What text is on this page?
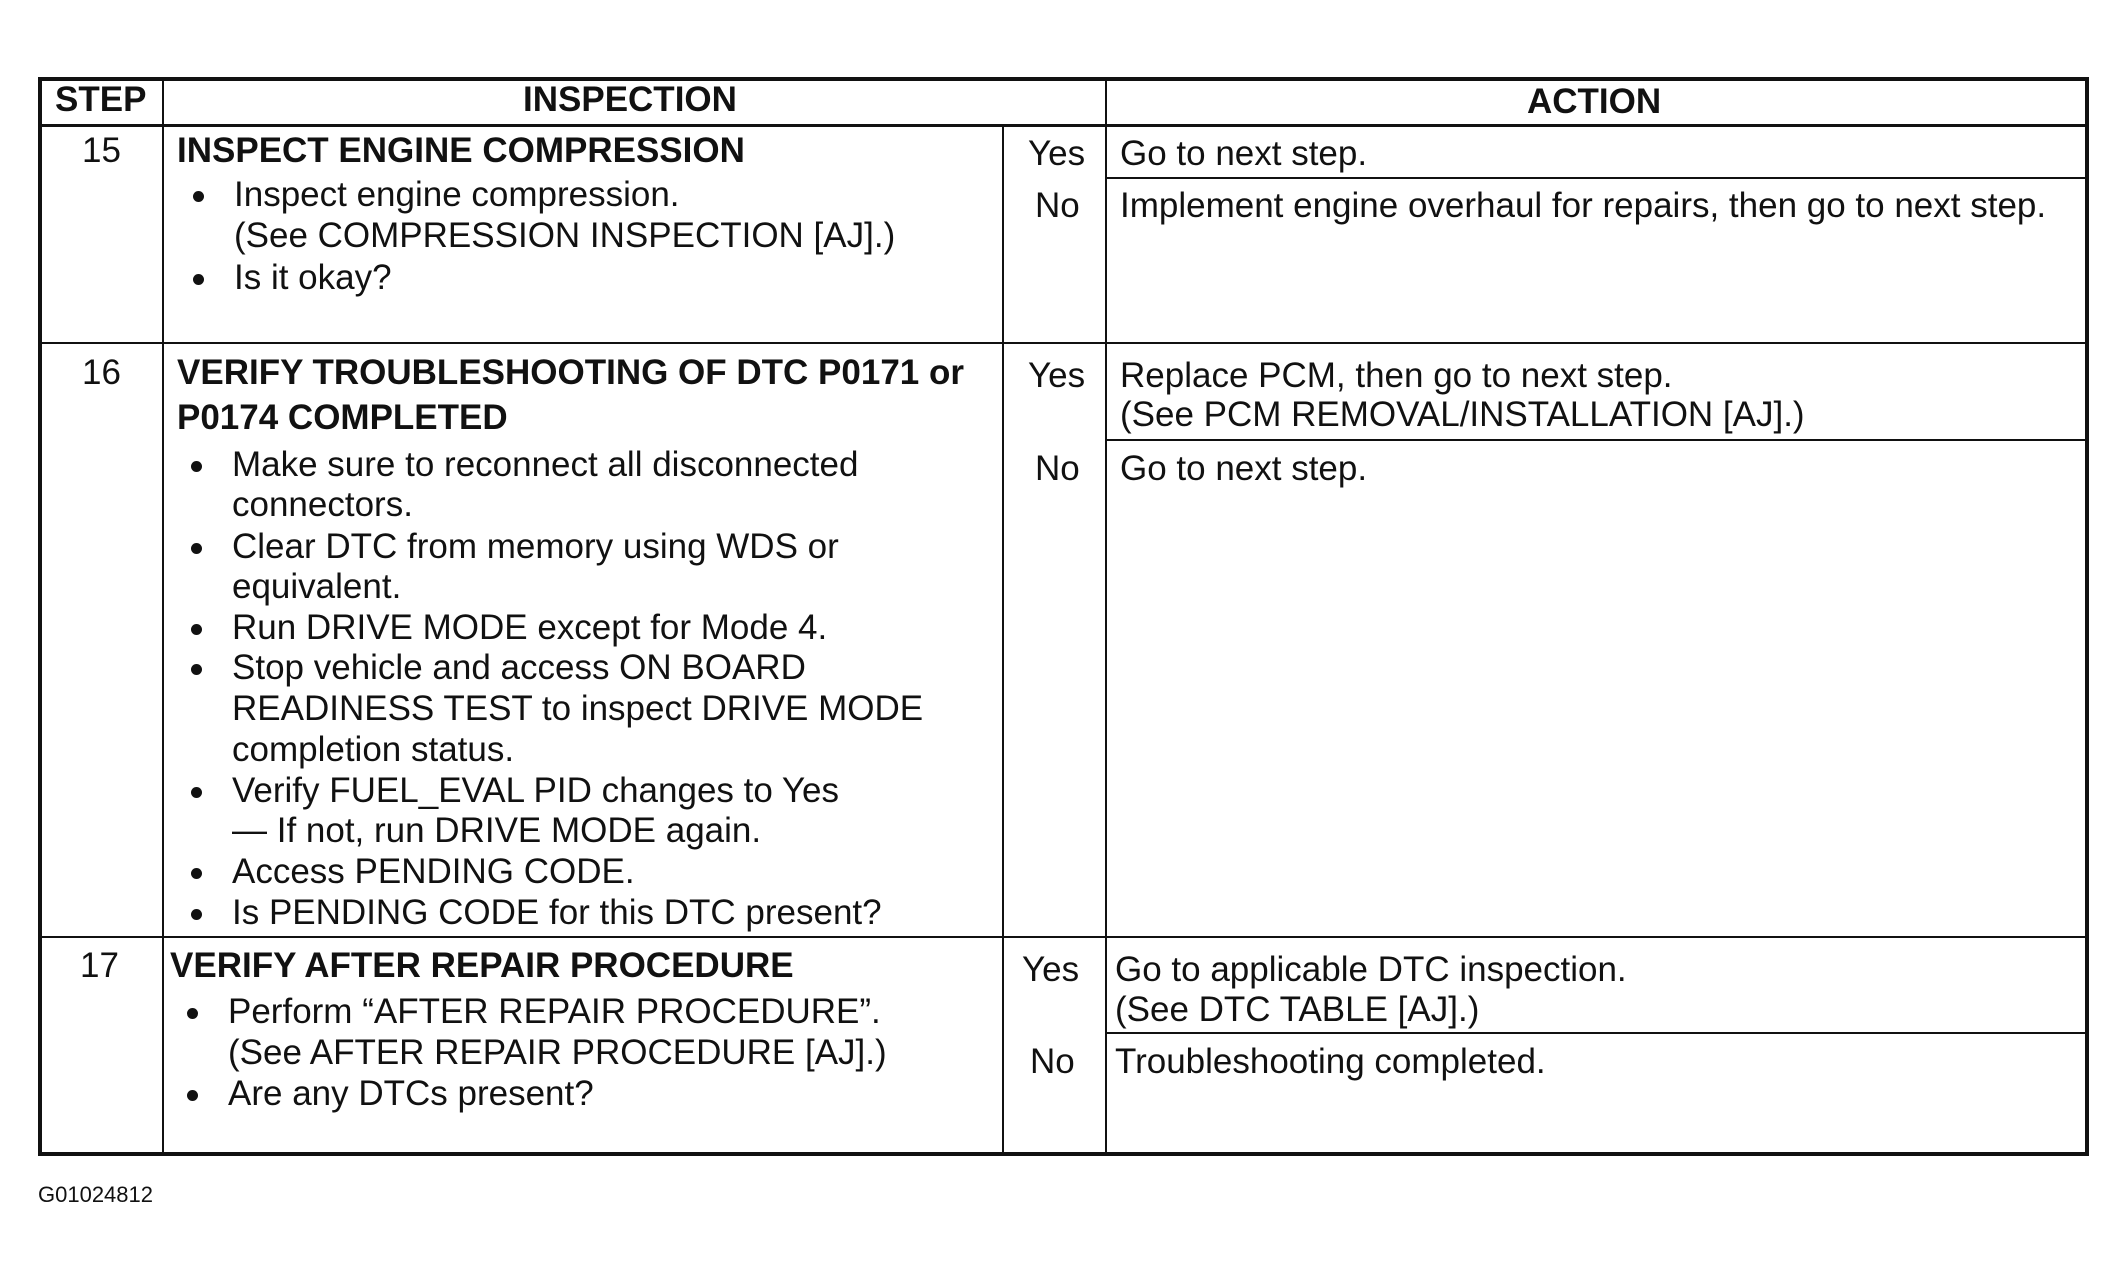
STEP	INSPECTION	ACTION
15 INSPECT ENGINE COMPRESSION
Inspect engine compression.
(See COMPRESSION INSPECTION [AJ].)
Is it okay?
Yes Go to next step.
No Implement engine overhaul for repairs, then go to next step.
16 VERIFY TROUBLESHOOTING OF DTC P0171 or
P0174 COMPLETED
Make sure to reconnect all disconnected
connectors.
Clear DTC from memory using WDS or
equivalent.
Run DRIVE MODE except for Mode 4.
Stop vehicle and access ON BOARD
READINESS TEST to inspect DRIVE MODE
completion status.
Verify FUEL_EVAL PID changes to Yes
— If not, run DRIVE MODE again.
Access PENDING CODE.
Is PENDING CODE for this DTC present?
Yes Replace PCM, then go to next step.
(See PCM REMOVAL/INSTALLATION [AJ].)
No Go to next step.
17 VERIFY AFTER REPAIR PROCEDURE
Perform “AFTER REPAIR PROCEDURE”.
(See AFTER REPAIR PROCEDURE [AJ].)
Are any DTCs present?
Yes Go to applicable DTC inspection.
(See DTC TABLE [AJ].)
No Troubleshooting completed.
G01024812
